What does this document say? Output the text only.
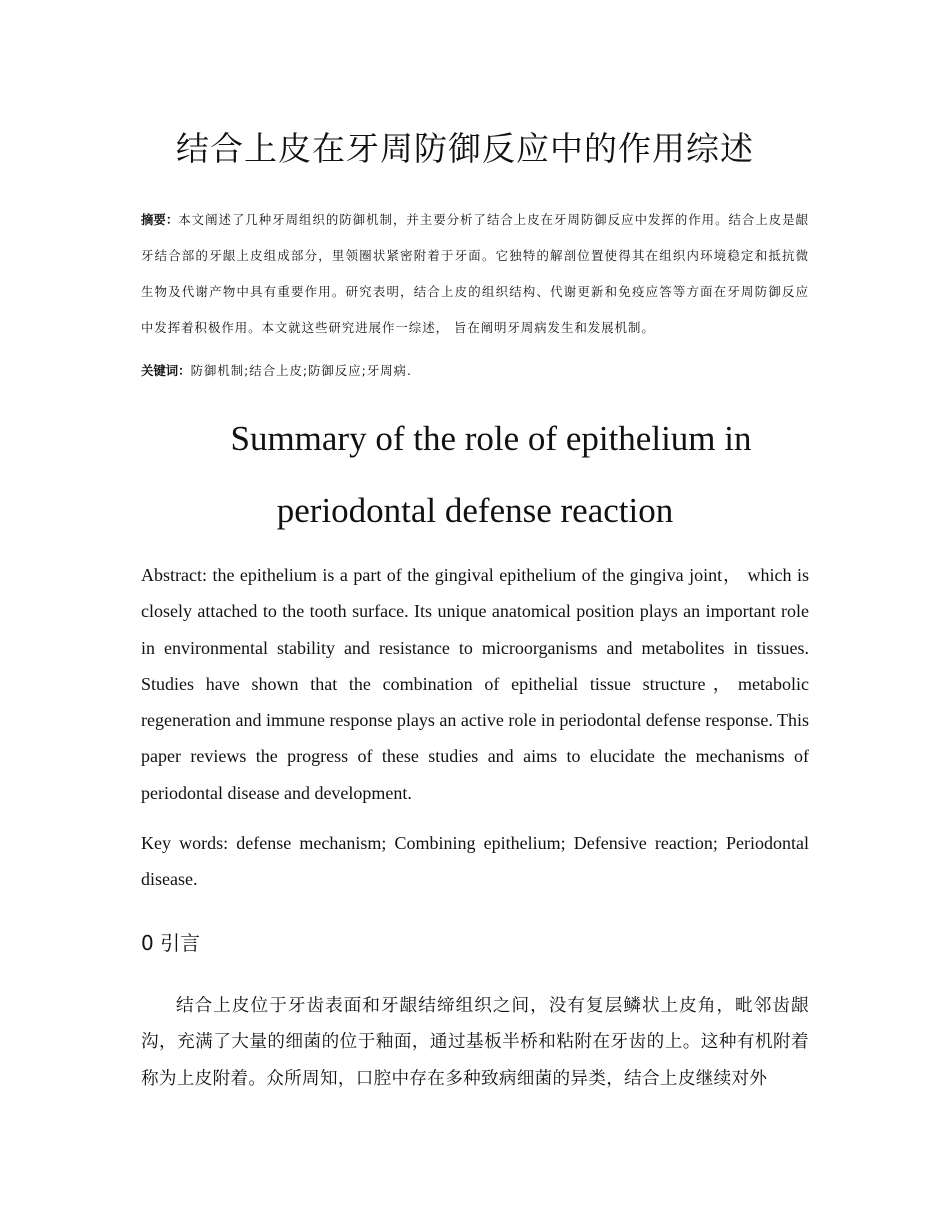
结合上皮在牙周防御反应中的作用综述

摘要：本文阐述了几种牙周组织的防御机制，并主要分析了结合上皮在牙周防御反应中发挥的作用。结合上皮是龈牙结合部的牙龈上皮组成部分，里领圈状紧密附着于牙面。它独特的解剖位置使得其在组织内环境稳定和抵抗微生物及代谢产物中具有重要作用。研究表明，结合上皮的组织结构、代谢更新和免疫应答等方面在牙周防御反应中发挥着积极作用。本文就这些研究进展作一综述， 旨在阐明牙周病发生和发展机制。

关键词：防御机制;结合上皮;防御反应;牙周病.

Summary of the role of epithelium in
periodontal defense reaction

Abstract: the epithelium is a part of the gingival epithelium of the gingiva joint， which is closely attached to the tooth surface. Its unique anatomical position plays an important role in environmental stability and resistance to microorganisms and metabolites in tissues. Studies have shown that the combination of epithelial tissue structure，metabolic regeneration and immune response plays an active role in periodontal defense response. This paper reviews the progress of these studies and aims to elucidate the mechanisms of periodontal disease and development.

Key words: defense mechanism; Combining epithelium; Defensive reaction; Periodontal disease.

0 引言

结合上皮位于牙齿表面和牙龈结缔组织之间，没有复层鳞状上皮角，毗邻齿龈沟，充满了大量的细菌的位于釉面，通过基板半桥和粘附在牙齿的上。这种有机附着称为上皮附着。众所周知，口腔中存在多种致病细菌的异类，结合上皮继续对外
